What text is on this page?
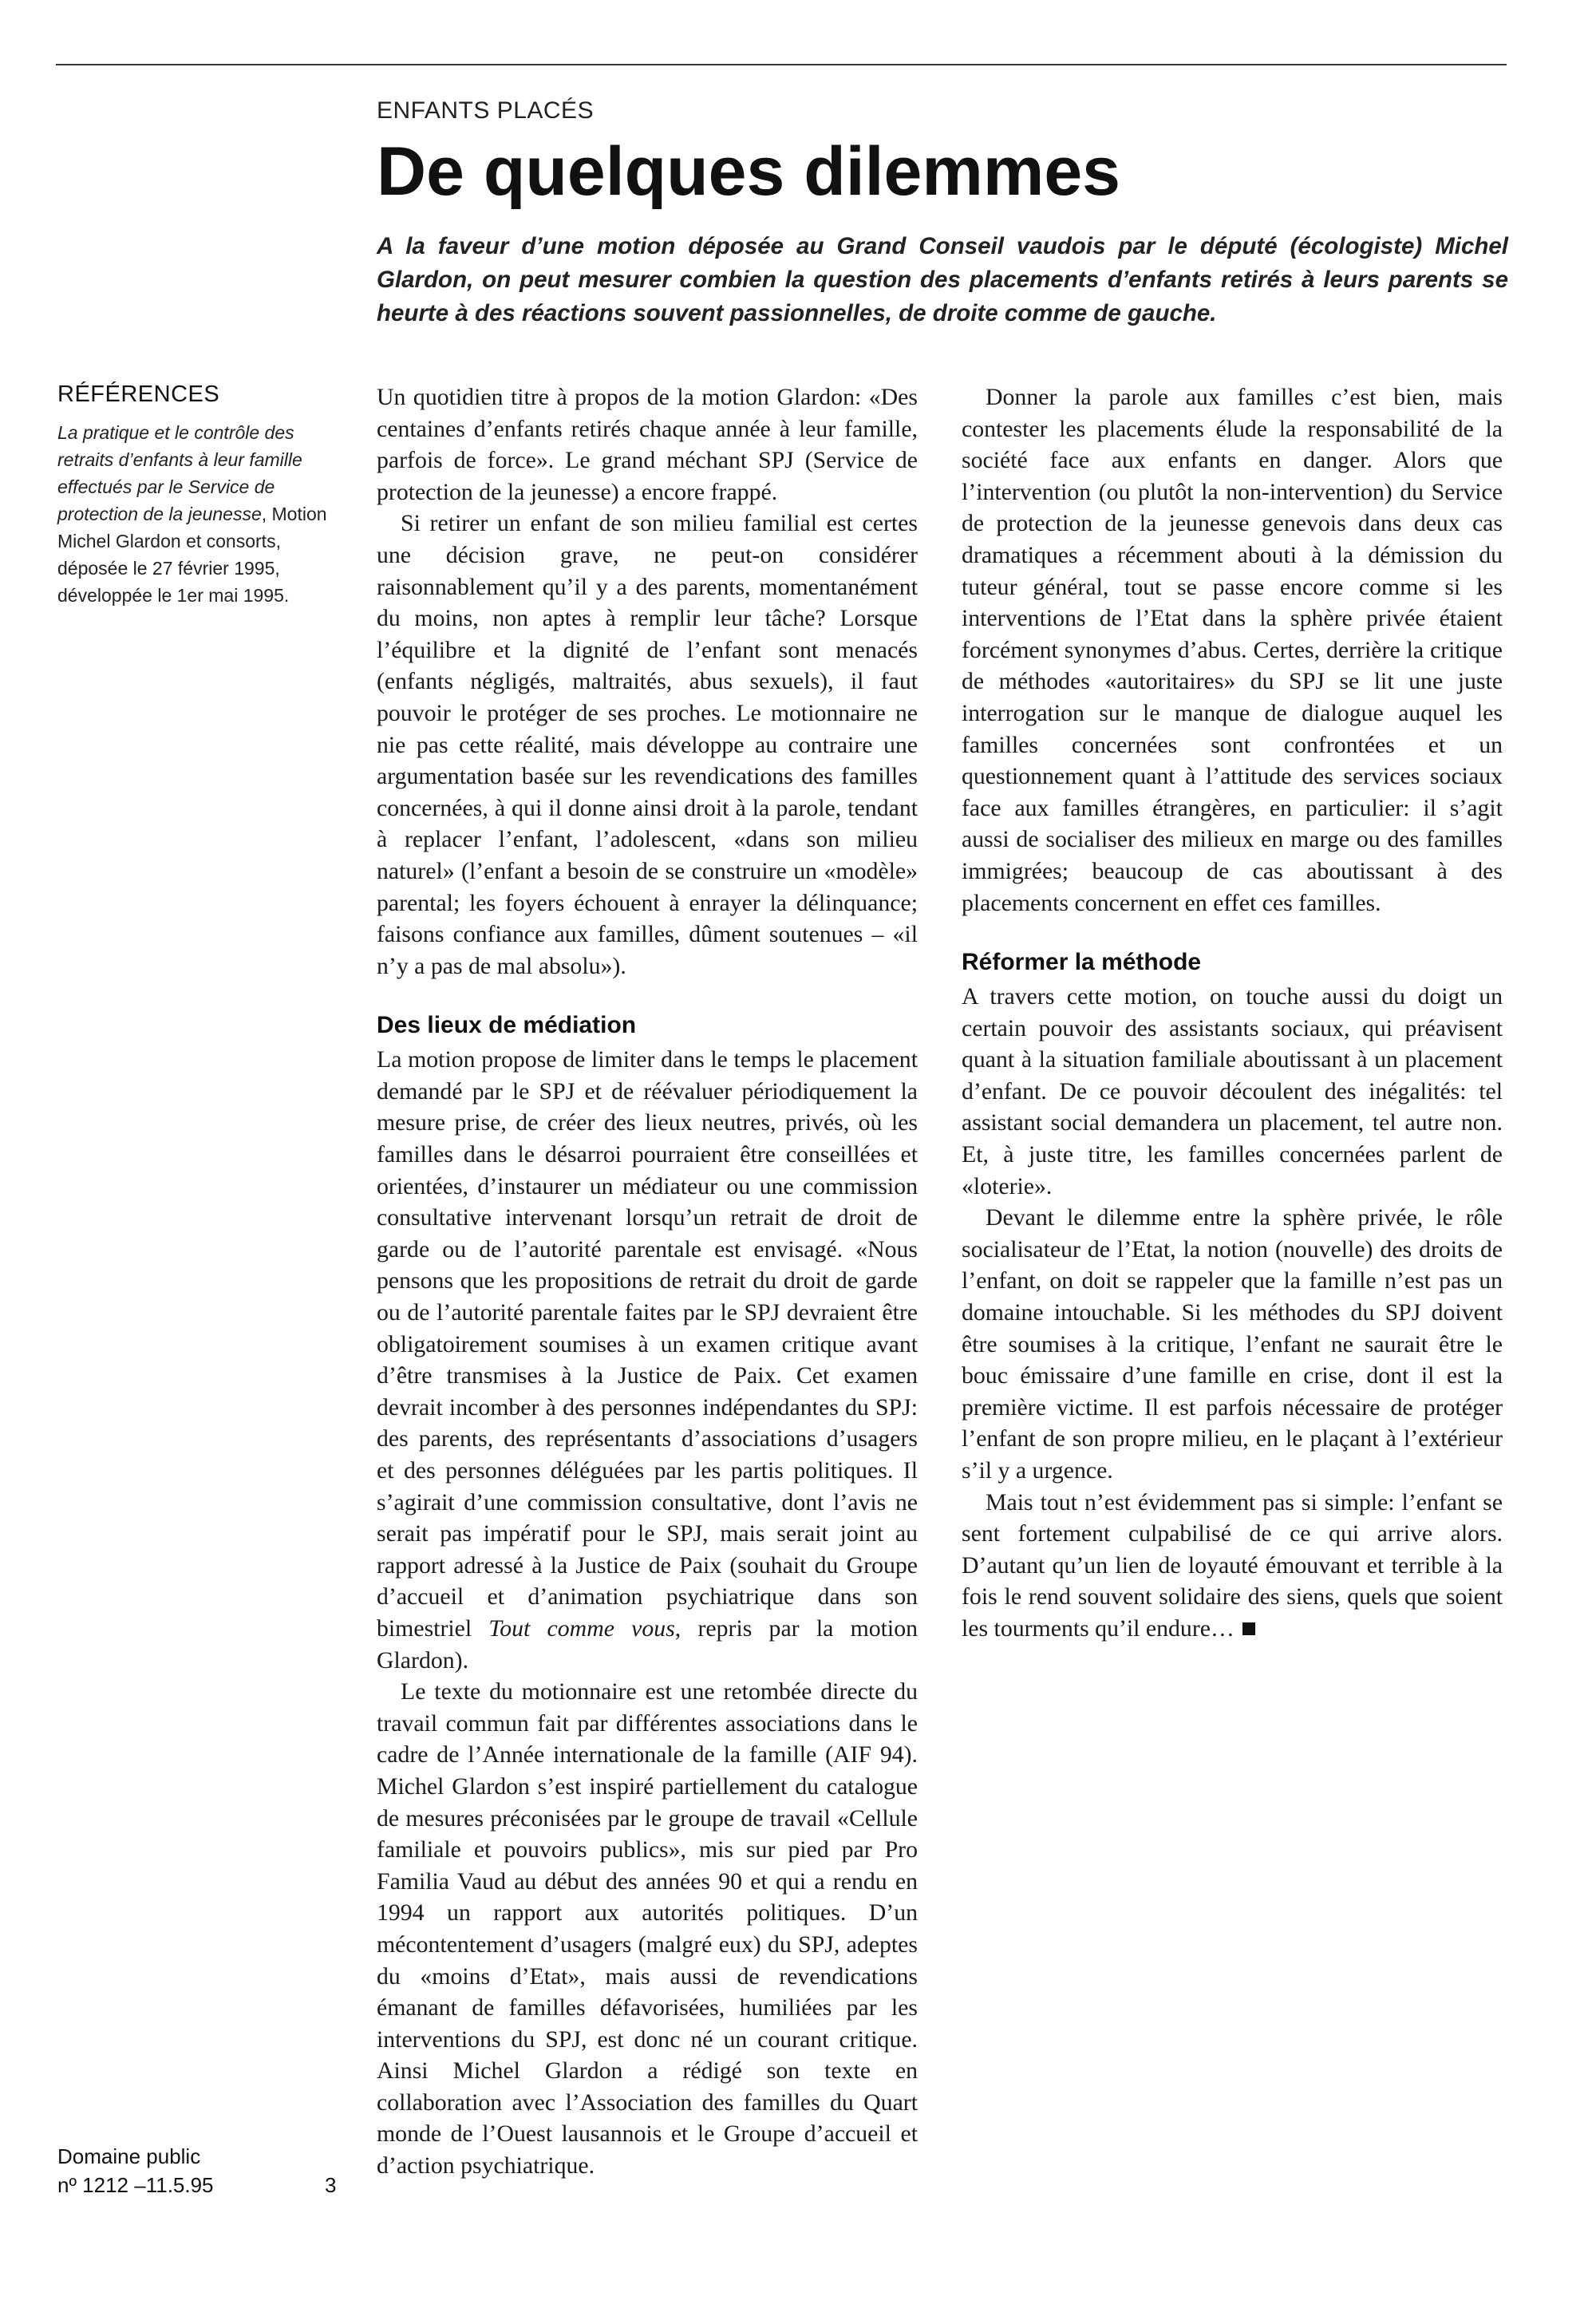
ENFANTS PLACÉS
De quelques dilemmes

A la faveur d’une motion déposée au Grand Conseil vaudois par le député (écologiste) Michel Glardon, on peut mesurer combien la question des placements d’enfants retirés à leurs parents se heurte à des réactions souvent passionnelles, de droite comme de gauche.

RÉFÉRENCES

La pratique et le contrôle des retraits d’enfants à leur famille effectués par le Service de protection de la jeunesse, Motion Michel Glardon et consorts, déposée le 27 février 1995, développée le 1er mai 1995.

Un quotidien titre à propos de la motion Glardon: «Des centaines d’enfants retirés chaque année à leur famille, parfois de force». Le grand méchant SPJ (Service de protection de la jeunesse) a encore frappé.

Si retirer un enfant de son milieu familial est certes une décision grave, ne peut-on considérer raisonnablement qu’il y a des parents, momentanément du moins, non aptes à remplir leur tâche? Lorsque l’équilibre et la dignité de l’enfant sont menacés (enfants négligés, maltraités, abus sexuels), il faut pouvoir le protéger de ses proches. Le motionnaire ne nie pas cette réalité, mais développe au contraire une argumentation basée sur les revendications des familles concernées, à qui il donne ainsi droit à la parole, tendant à replacer l’enfant, l’adolescent, «dans son milieu naturel» (l’enfant a besoin de se construire un «modèle» parental; les foyers échouent à enrayer la délinquance; faisons confiance aux familles, dûment soutenues – «il n’y a pas de mal absolu»).

Des lieux de médiation

La motion propose de limiter dans le temps le placement demandé par le SPJ et de réévaluer périodiquement la mesure prise, de créer des lieux neutres, privés, où les familles dans le désarroi pourraient être conseillées et orientées, d’instaurer un médiateur ou une commission consultative intervenant lorsqu’un retrait de droit de garde ou de l’autorité parentale est envisagé. «Nous pensons que les propositions de retrait du droit de garde ou de l’autorité parentale faites par le SPJ devraient être obligatoirement soumises à un examen critique avant d’être transmises à la Justice de Paix. Cet examen devrait incomber à des personnes indépendantes du SPJ: des parents, des représentants d’associations d’usagers et des personnes déléguées par les partis politiques. Il s’agirait d’une commission consultative, dont l’avis ne serait pas impératif pour le SPJ, mais serait joint au rapport adressé à la Justice de Paix (souhait du Groupe d’accueil et d’animation psychiatrique dans son bimestriel Tout comme vous, repris par la motion Glardon).

Le texte du motionnaire est une retombée directe du travail commun fait par différentes associations dans le cadre de l’Année internationale de la famille (AIF 94). Michel Glardon s’est inspiré partiellement du catalogue de mesures préconisées par le groupe de travail «Cellule familiale et pouvoirs publics», mis sur pied par Pro Familia Vaud au début des années 90 et qui a rendu en 1994 un rapport aux autorités politiques. D’un mécontentement d’usagers (malgré eux) du SPJ, adeptes du «moins d’Etat», mais aussi de revendications émanant de familles défavorisées, humiliées par les interventions du SPJ, est donc né un courant critique. Ainsi Michel Glardon a rédigé son texte en collaboration avec l’Association des familles du Quart monde de l’Ouest lausannois et le Groupe d’accueil et d’action psychiatrique.

Donner la parole aux familles c’est bien, mais contester les placements élude la responsabilité de la société face aux enfants en danger. Alors que l’intervention (ou plutôt la non-intervention) du Service de protection de la jeunesse genevois dans deux cas dramatiques a récemment abouti à la démission du tuteur général, tout se passe encore comme si les interventions de l’Etat dans la sphère privée étaient forcément synonymes d’abus. Certes, derrière la critique de méthodes «autoritaires» du SPJ se lit une juste interrogation sur le manque de dialogue auquel les familles concernées sont confrontées et un questionnement quant à l’attitude des services sociaux face aux familles étrangères, en particulier: il s’agit aussi de socialiser des milieux en marge ou des familles immigrées; beaucoup de cas aboutissant à des placements concernent en effet ces familles.

Réformer la méthode

A travers cette motion, on touche aussi du doigt un certain pouvoir des assistants sociaux, qui préavisent quant à la situation familiale aboutissant à un placement d’enfant. De ce pouvoir découlent des inégalités: tel assistant social demandera un placement, tel autre non. Et, à juste titre, les familles concernées parlent de «loterie».

Devant le dilemme entre la sphère privée, le rôle socialisateur de l’Etat, la notion (nouvelle) des droits de l’enfant, on doit se rappeler que la famille n’est pas un domaine intouchable. Si les méthodes du SPJ doivent être soumises à la critique, l’enfant ne saurait être le bouc émissaire d’une famille en crise, dont il est la première victime. Il est parfois nécessaire de protéger l’enfant de son propre milieu, en le plaçant à l’extérieur s’il y a urgence.

Mais tout n’est évidemment pas si simple: l’enfant se sent fortement culpabilisé de ce qui arrive alors. D’autant qu’un lien de loyauté émouvant et terrible à la fois le rend souvent solidaire des siens, quels que soient les tourments qu’il endure…

Domaine public
nº 1212 –11.5.95	3
